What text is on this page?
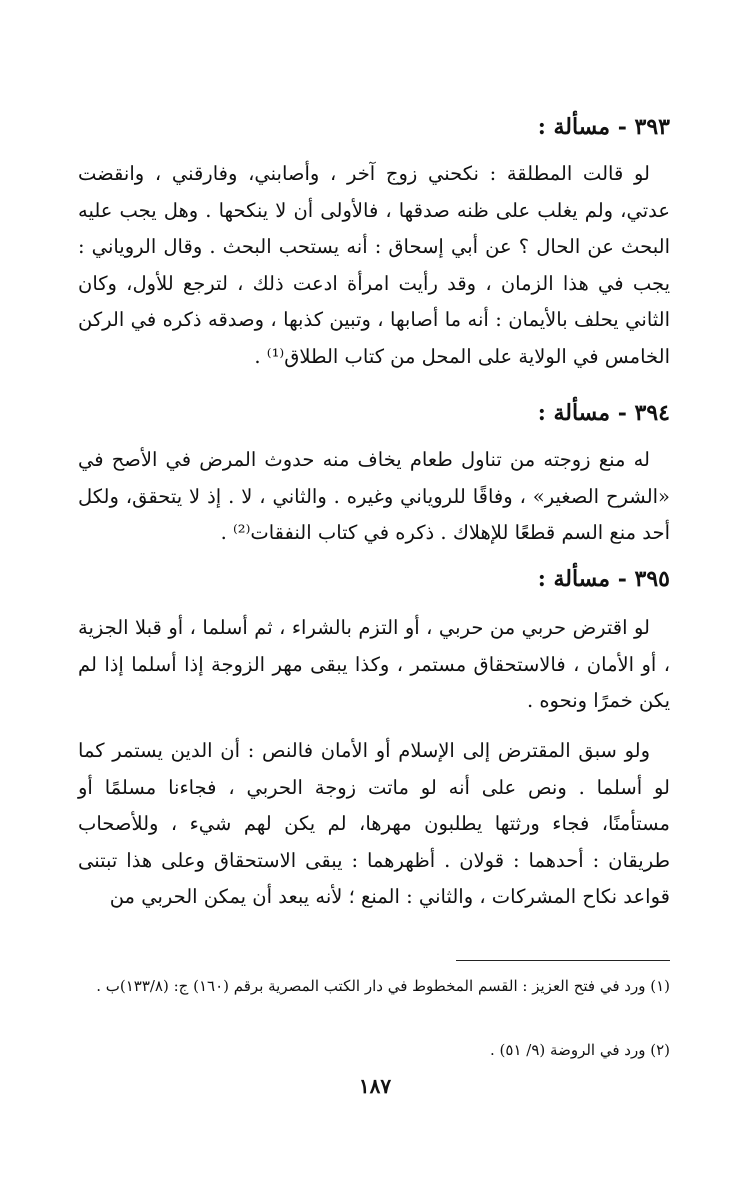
٣٩٣ - مسألة :
لو قالت المطلقة : نكحني زوج آخر ، وأصابني، وفارقني ، وانقضت عدتي، ولم يغلب على ظنه صدقها ، فالأولى أن لا ينكحها . وهل يجب عليه البحث عن الحال ؟ عن أبي إسحاق : أنه يستحب البحث . وقال الروياني : يجب في هذا الزمان ، وقد رأيت امرأة ادعت ذلك ، لترجع للأول، وكان الثاني يحلف بالأيمان : أنه ما أصابها ، وتبين كذبها ، وصدقه ذكره في الركن الخامس في الولاية على المحل من كتاب الطلاق⁽¹⁾ .
٣٩٤ - مسألة :
له منع زوجته من تناول طعام يخاف منه حدوث المرض في الأصح في «الشرح الصغير» ، وفاقًا للروياني وغيره . والثاني ، لا . إذ لا يتحقق، ولكل أحد منع السم قطعًا للإهلاك . ذكره في كتاب النفقات⁽²⁾ .
٣٩٥ - مسألة :
لو اقترض حربي من حربي ، أو التزم بالشراء ، ثم أسلما ، أو قبلا الجزية ، أو الأمان ، فالاستحقاق مستمر ، وكذا يبقى مهر الزوجة إذا أسلما إذا لم يكن خمرًا ونحوه .
ولو سبق المقترض إلى الإسلام أو الأمان فالنص : أن الدين يستمر كما لو أسلما . ونص على أنه لو ماتت زوجة الحربي ، فجاءنا مسلمًا أو مستأمنًا، فجاء ورثتها يطلبون مهرها، لم يكن لهم شيء ، وللأصحاب طريقان : أحدهما : قولان . أظهرهما : يبقى الاستحقاق وعلى هذا تبتنى قواعد نكاح المشركات ، والثاني : المنع ؛ لأنه يبعد أن يمكن الحربي من
(١) ورد في فتح العزيز : القسم المخطوط في دار الكتب المصرية برقم (١٦٠) ج: (١٣٣/٨)ب .
(٢) ورد في الروضة (٩/ ٥١) .
١٨٧
